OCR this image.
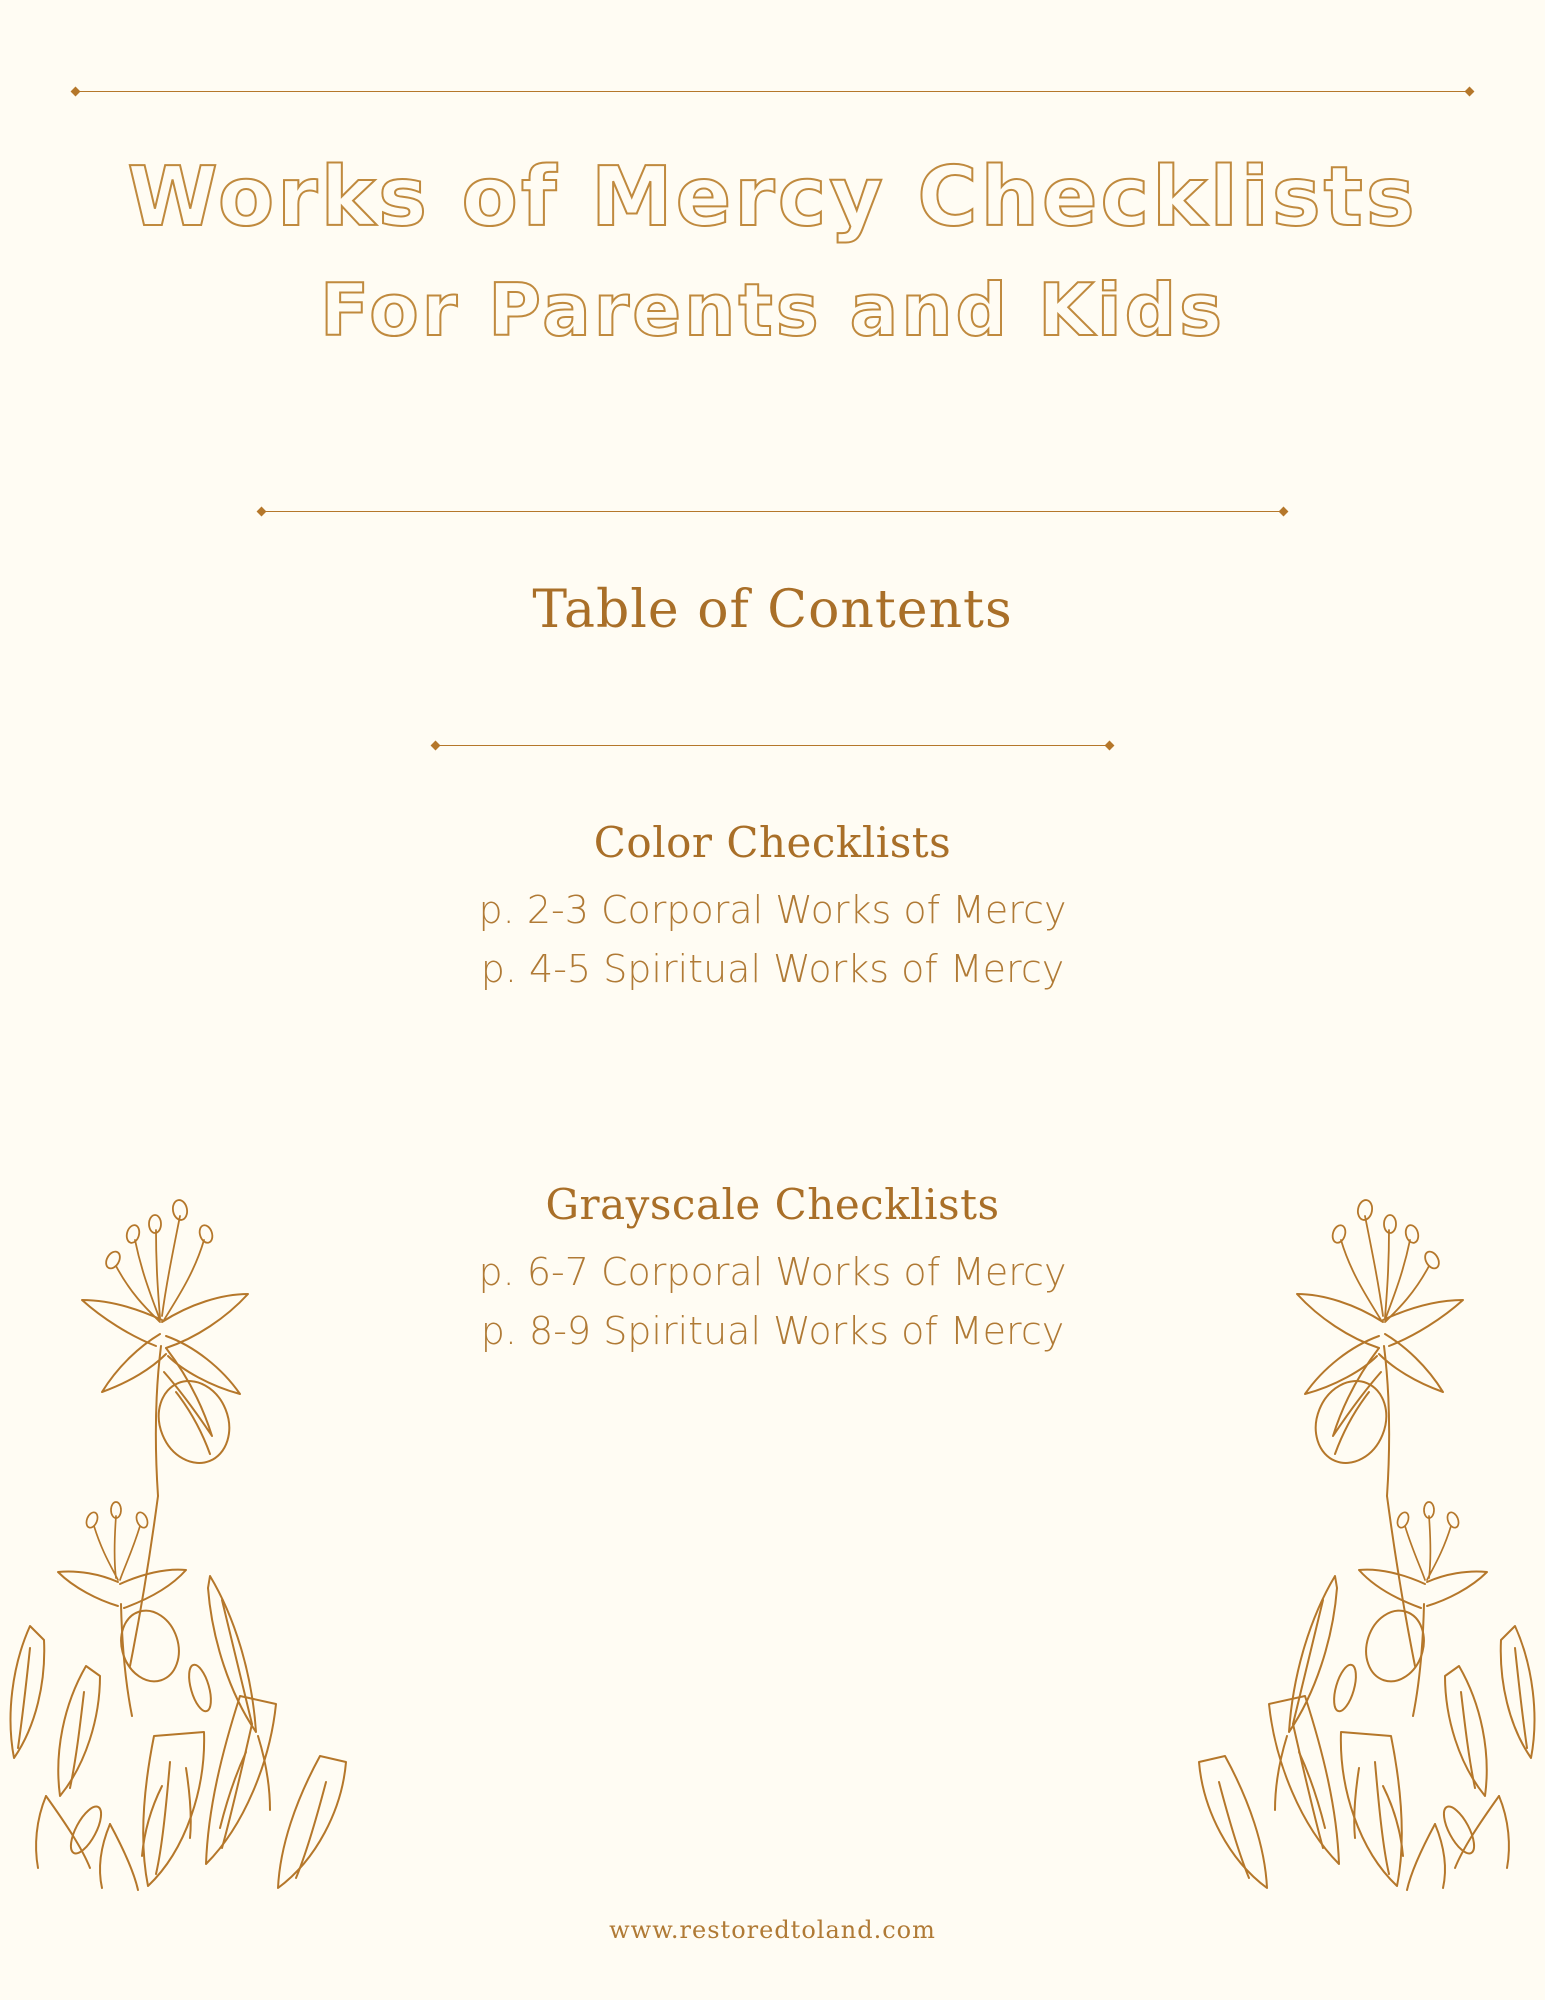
Works of Mercy Checklists
For Parents and Kids
Table of Contents
Color Checklists
p. 2-3 Corporal Works of Mercy
p. 4-5 Spiritual Works of Mercy
Grayscale Checklists
p. 6-7 Corporal Works of Mercy
p. 8-9 Spiritual Works of Mercy
www.restoredtoland.com
